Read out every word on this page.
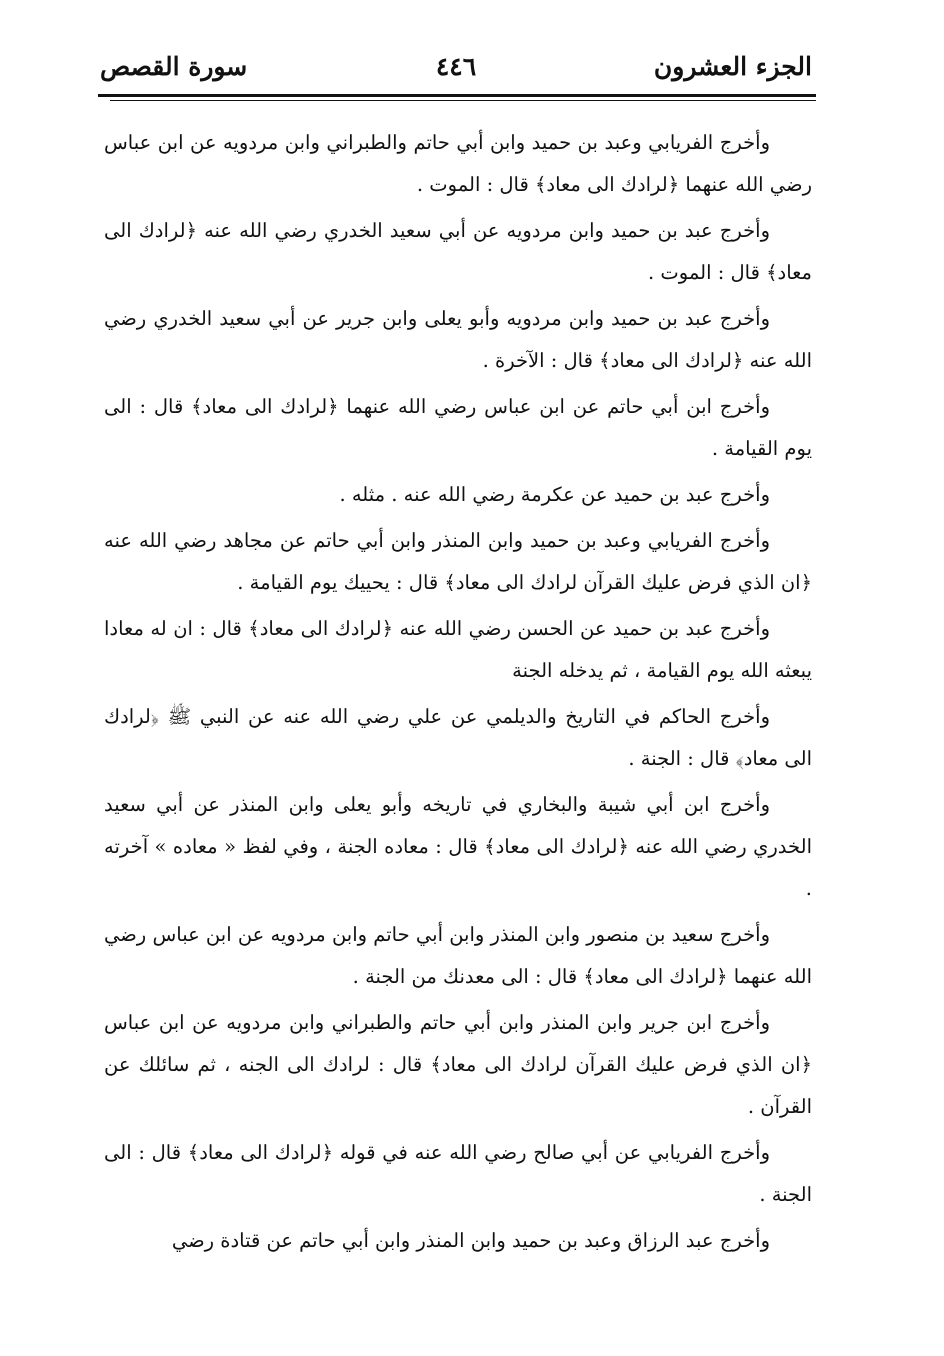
الجزء العشرون
٤٤٦
سورة القصص

وأخرج الفريابي وعبد بن حميد وابن أبي حاتم والطبراني وابن مردويه عن ابن عباس رضي الله عنهما ﴿لرادك الى معاد﴾ قال : الموت .

وأخرج عبد بن حميد وابن مردويه عن أبي سعيد الخدري رضي الله عنه ﴿لرادك الى معاد﴾ قال : الموت .

وأخرج عبد بن حميد وابن مردويه وأبو يعلى وابن جرير عن أبي سعيد الخدري رضي الله عنه ﴿لرادك الى معاد﴾ قال : الآخرة .

وأخرج ابن أبي حاتم عن ابن عباس رضي الله عنهما ﴿لرادك الى معاد﴾ قال : الى يوم القيامة .

وأخرج عبد بن حميد عن عكرمة رضي الله عنه . مثله .

وأخرج الفريابي وعبد بن حميد وابن المنذر وابن أبي حاتم عن مجاهد رضي الله عنه ﴿ان الذي فرض عليك القرآن لرادك الى معاد﴾ قال : يحييك يوم القيامة .

وأخرج عبد بن حميد عن الحسن رضي الله عنه ﴿لرادك الى معاد﴾ قال : ان له معادا يبعثه الله يوم القيامة ، ثم يدخله الجنة

وأخرج الحاكم في التاريخ والديلمي عن علي رضي الله عنه عن النبي ﷺ ﴿لرادك الى معاد﴾ قال : الجنة .

وأخرج ابن أبي شيبة والبخاري في تاريخه وأبو يعلى وابن المنذر عن أبي سعيد الخدري رضي الله عنه ﴿لرادك الى معاد﴾ قال : معاده الجنة ، وفي لفظ « معاده » آخرته .

وأخرج سعيد بن منصور وابن المنذر وابن أبي حاتم وابن مردويه عن ابن عباس رضي الله عنهما ﴿لرادك الى معاد﴾ قال : الى معدنك من الجنة .

وأخرج ابن جرير وابن المنذر وابن أبي حاتم والطبراني وابن مردويه عن ابن عباس ﴿ان الذي فرض عليك القرآن لرادك الى معاد﴾ قال : لرادك الى الجنه ، ثم سائلك عن القرآن .

وأخرج الفريابي عن أبي صالح رضي الله عنه في قوله ﴿لرادك الى معاد﴾ قال : الى الجنة .

وأخرج عبد الرزاق وعبد بن حميد وابن المنذر وابن أبي حاتم عن قتادة رضي
